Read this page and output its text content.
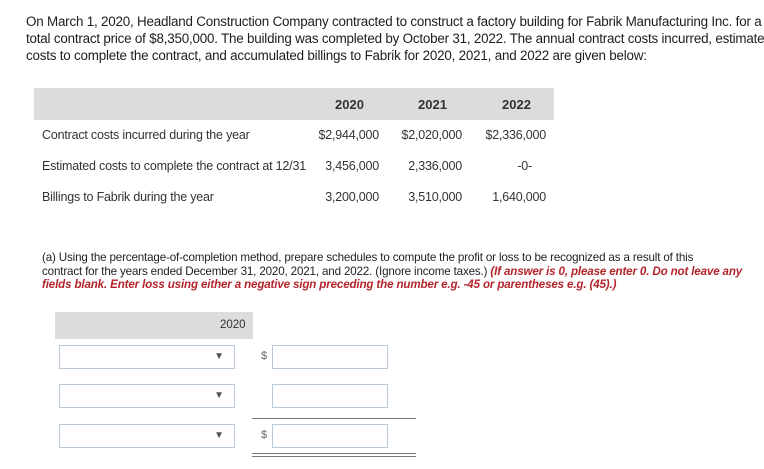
On March 1, 2020, Headland Construction Company contracted to construct a factory building for Fabrik Manufacturing Inc. for a
total contract price of $8,350,000. The building was completed by October 31, 2022. The annual contract costs incurred, estimate
costs to complete the contract, and accumulated billings to Fabrik for 2020, 2021, and 2022 are given below:
2020	2021	2022
Contract costs incurred during the year	$2,944,000 $2,020,000 $2,336,000
Estimated costs to complete the contract at 12/31 3,456,000 2,336,000	-0-
Billings to Fabrik during the year	3,200,000 3,510,000 1,640,000
(a) Using the percentage-of-completion method, prepare schedules to compute the profit or loss to be recognized as a result of this
contract for the years ended December 31, 2020, 2021, and 2022. (Ignore income taxes.) (If answer is 0, please enter 0. Do not leave any
fields blank. Enter loss using either a negative sign preceding the number e.g. -45 or parentheses e.g. (45).)
2020
▼	$
▼
▼	$
